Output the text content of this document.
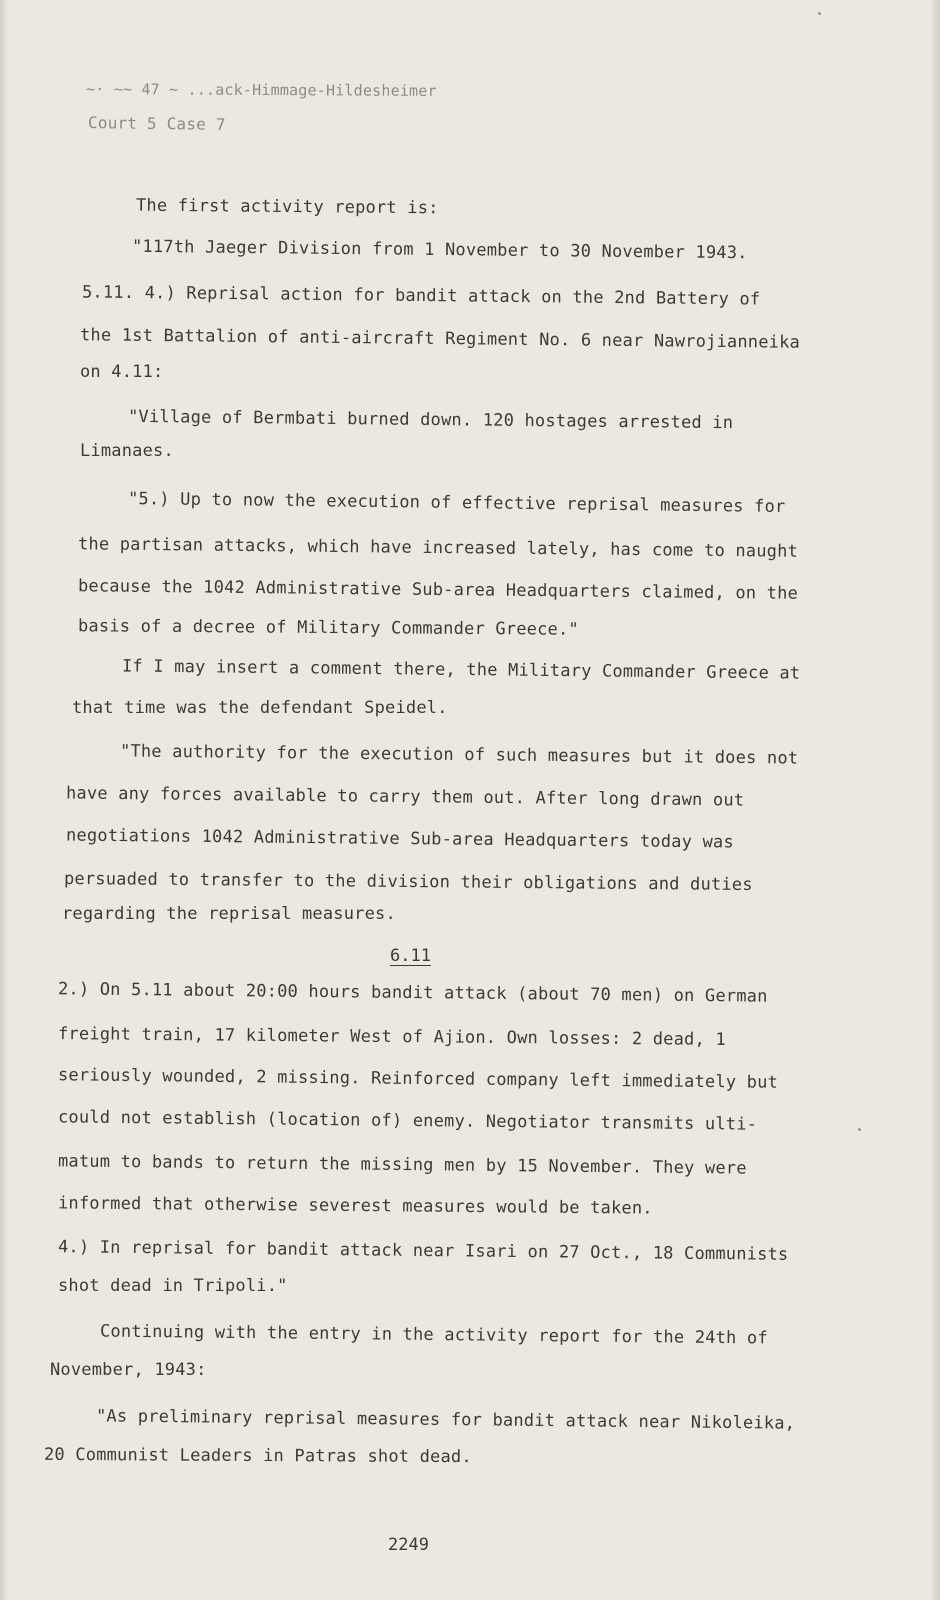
~· ~~ 47 ~ ...ack-Himmage-Hildesheimer
Court 5 Case 7
The first activity report is:
"117th Jaeger Division from 1 November to 30 November 1943.
5.11. 4.) Reprisal action for bandit attack on the 2nd Battery of
the 1st Battalion of anti-aircraft Regiment No. 6 near Nawrojianneika
on 4.11:
"Village of Bermbati burned down. 120 hostages arrested in
Limanaes.
"5.) Up to now the execution of effective reprisal measures for
the partisan attacks, which have increased lately, has come to naught
because the 1042 Administrative Sub-area Headquarters claimed, on the
basis of a decree of Military Commander Greece."
If I may insert a comment there, the Military Commander Greece at
that time was the defendant Speidel.
"The authority for the execution of such measures but it does not
have any forces available to carry them out. After long drawn out
negotiations 1042 Administrative Sub-area Headquarters today was
persuaded to transfer to the division their obligations and duties
regarding the reprisal measures.
6.11
2.) On 5.11 about 20:00 hours bandit attack (about 70 men) on German
freight train, 17 kilometer West of Ajion. Own losses: 2 dead, 1
seriously wounded, 2 missing. Reinforced company left immediately but
could not establish (location of) enemy. Negotiator transmits ulti-
matum to bands to return the missing men by 15 November. They were
informed that otherwise severest measures would be taken.
4.) In reprisal for bandit attack near Isari on 27 Oct., 18 Communists
shot dead in Tripoli."
Continuing with the entry in the activity report for the 24th of
November, 1943:
"As preliminary reprisal measures for bandit attack near Nikoleika,
20 Communist Leaders in Patras shot dead.
2249
